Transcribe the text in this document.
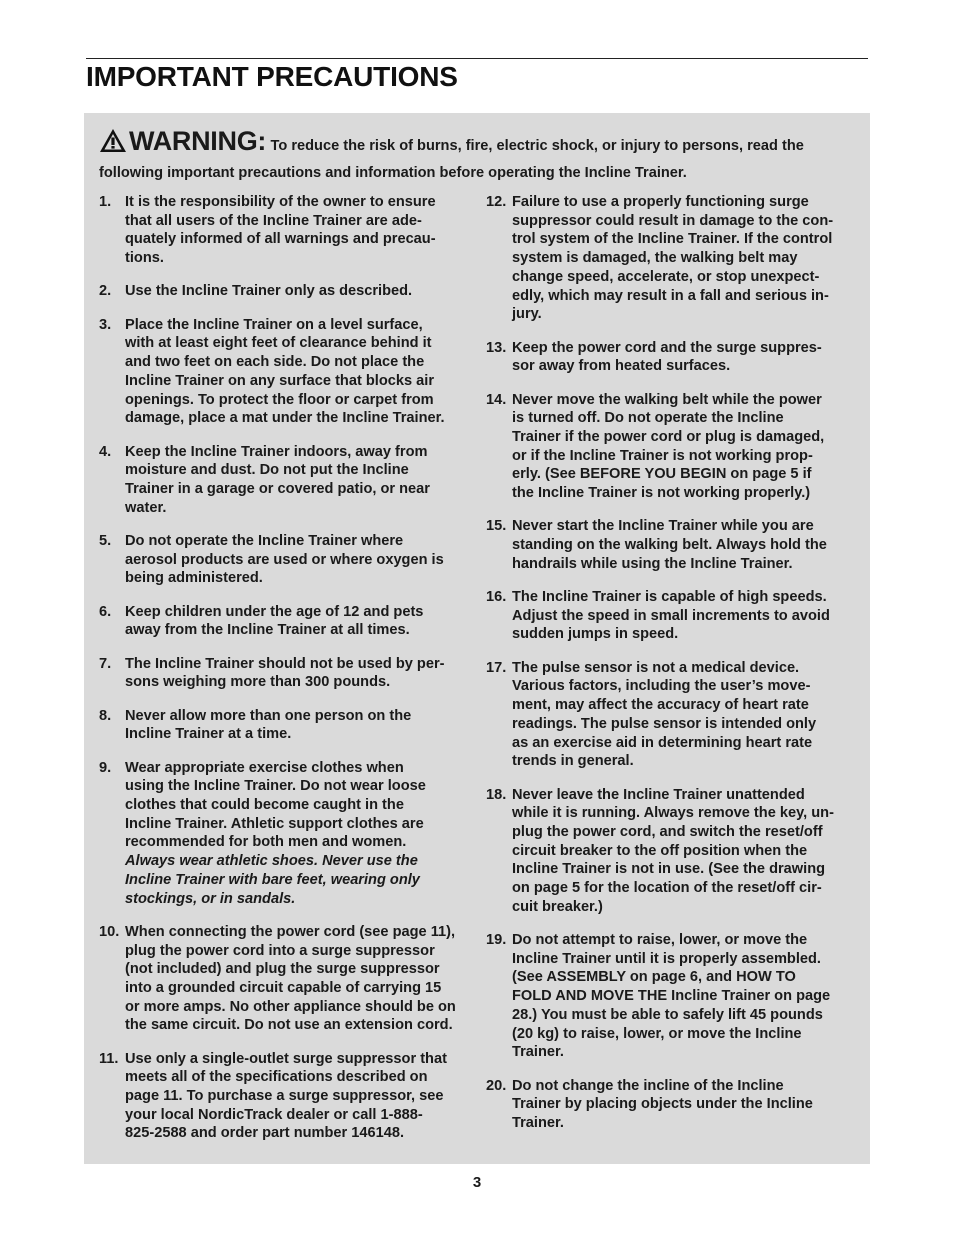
IMPORTANT PRECAUTIONS
WARNING: To reduce the risk of burns, fire, electric shock, or injury to persons, read the
following important precautions and information before operating the Incline Trainer.
1. It is the responsibility of the owner to ensure
that all users of the Incline Trainer are ade-
quately informed of all warnings and precau-
tions.
2. Use the Incline Trainer only as described.
3. Place the Incline Trainer on a level surface,
with at least eight feet of clearance behind it
and two feet on each side. Do not place the
Incline Trainer on any surface that blocks air
openings. To protect the floor or carpet from
damage, place a mat under the Incline Trainer.
4. Keep the Incline Trainer indoors, away from
moisture and dust. Do not put the Incline
Trainer in a garage or covered patio, or near
water.
5. Do not operate the Incline Trainer where
aerosol products are used or where oxygen is
being administered.
6. Keep children under the age of 12 and pets
away from the Incline Trainer at all times.
7. The Incline Trainer should not be used by per-
sons weighing more than 300 pounds.
8. Never allow more than one person on the
Incline Trainer at a time.
9. Wear appropriate exercise clothes when
using the Incline Trainer. Do not wear loose
clothes that could become caught in the
Incline Trainer. Athletic support clothes are
recommended for both men and women.
Always wear athletic shoes. Never use the
Incline Trainer with bare feet, wearing only
stockings, or in sandals.
10. When connecting the power cord (see page 11),
plug the power cord into a surge suppressor
(not included) and plug the surge suppressor
into a grounded circuit capable of carrying 15
or more amps. No other appliance should be on
the same circuit. Do not use an extension cord.
11. Use only a single-outlet surge suppressor that
meets all of the specifications described on
page 11. To purchase a surge suppressor, see
your local NordicTrack dealer or call 1-888-
825-2588 and order part number 146148.
12. Failure to use a properly functioning surge
suppressor could result in damage to the con-
trol system of the Incline Trainer. If the control
system is damaged, the walking belt may
change speed, accelerate, or stop unexpect-
edly, which may result in a fall and serious in-
jury.
13. Keep the power cord and the surge suppres-
sor away from heated surfaces.
14. Never move the walking belt while the power
is turned off. Do not operate the Incline
Trainer if the power cord or plug is damaged,
or if the Incline Trainer is not working prop-
erly. (See BEFORE YOU BEGIN on page 5 if
the Incline Trainer is not working properly.)
15. Never start the Incline Trainer while you are
standing on the walking belt. Always hold the
handrails while using the Incline Trainer.
16. The Incline Trainer is capable of high speeds.
Adjust the speed in small increments to avoid
sudden jumps in speed.
17. The pulse sensor is not a medical device.
Various factors, including the user’s move-
ment, may affect the accuracy of heart rate
readings. The pulse sensor is intended only
as an exercise aid in determining heart rate
trends in general.
18. Never leave the Incline Trainer unattended
while it is running. Always remove the key, un-
plug the power cord, and switch the reset/off
circuit breaker to the off position when the
Incline Trainer is not in use. (See the drawing
on page 5 for the location of the reset/off cir-
cuit breaker.)
19. Do not attempt to raise, lower, or move the
Incline Trainer until it is properly assembled.
(See ASSEMBLY on page 6, and HOW TO
FOLD AND MOVE THE Incline Trainer on page
28.) You must be able to safely lift 45 pounds
(20 kg) to raise, lower, or move the Incline
Trainer.
20. Do not change the incline of the Incline
Trainer by placing objects under the Incline
Trainer.
3
